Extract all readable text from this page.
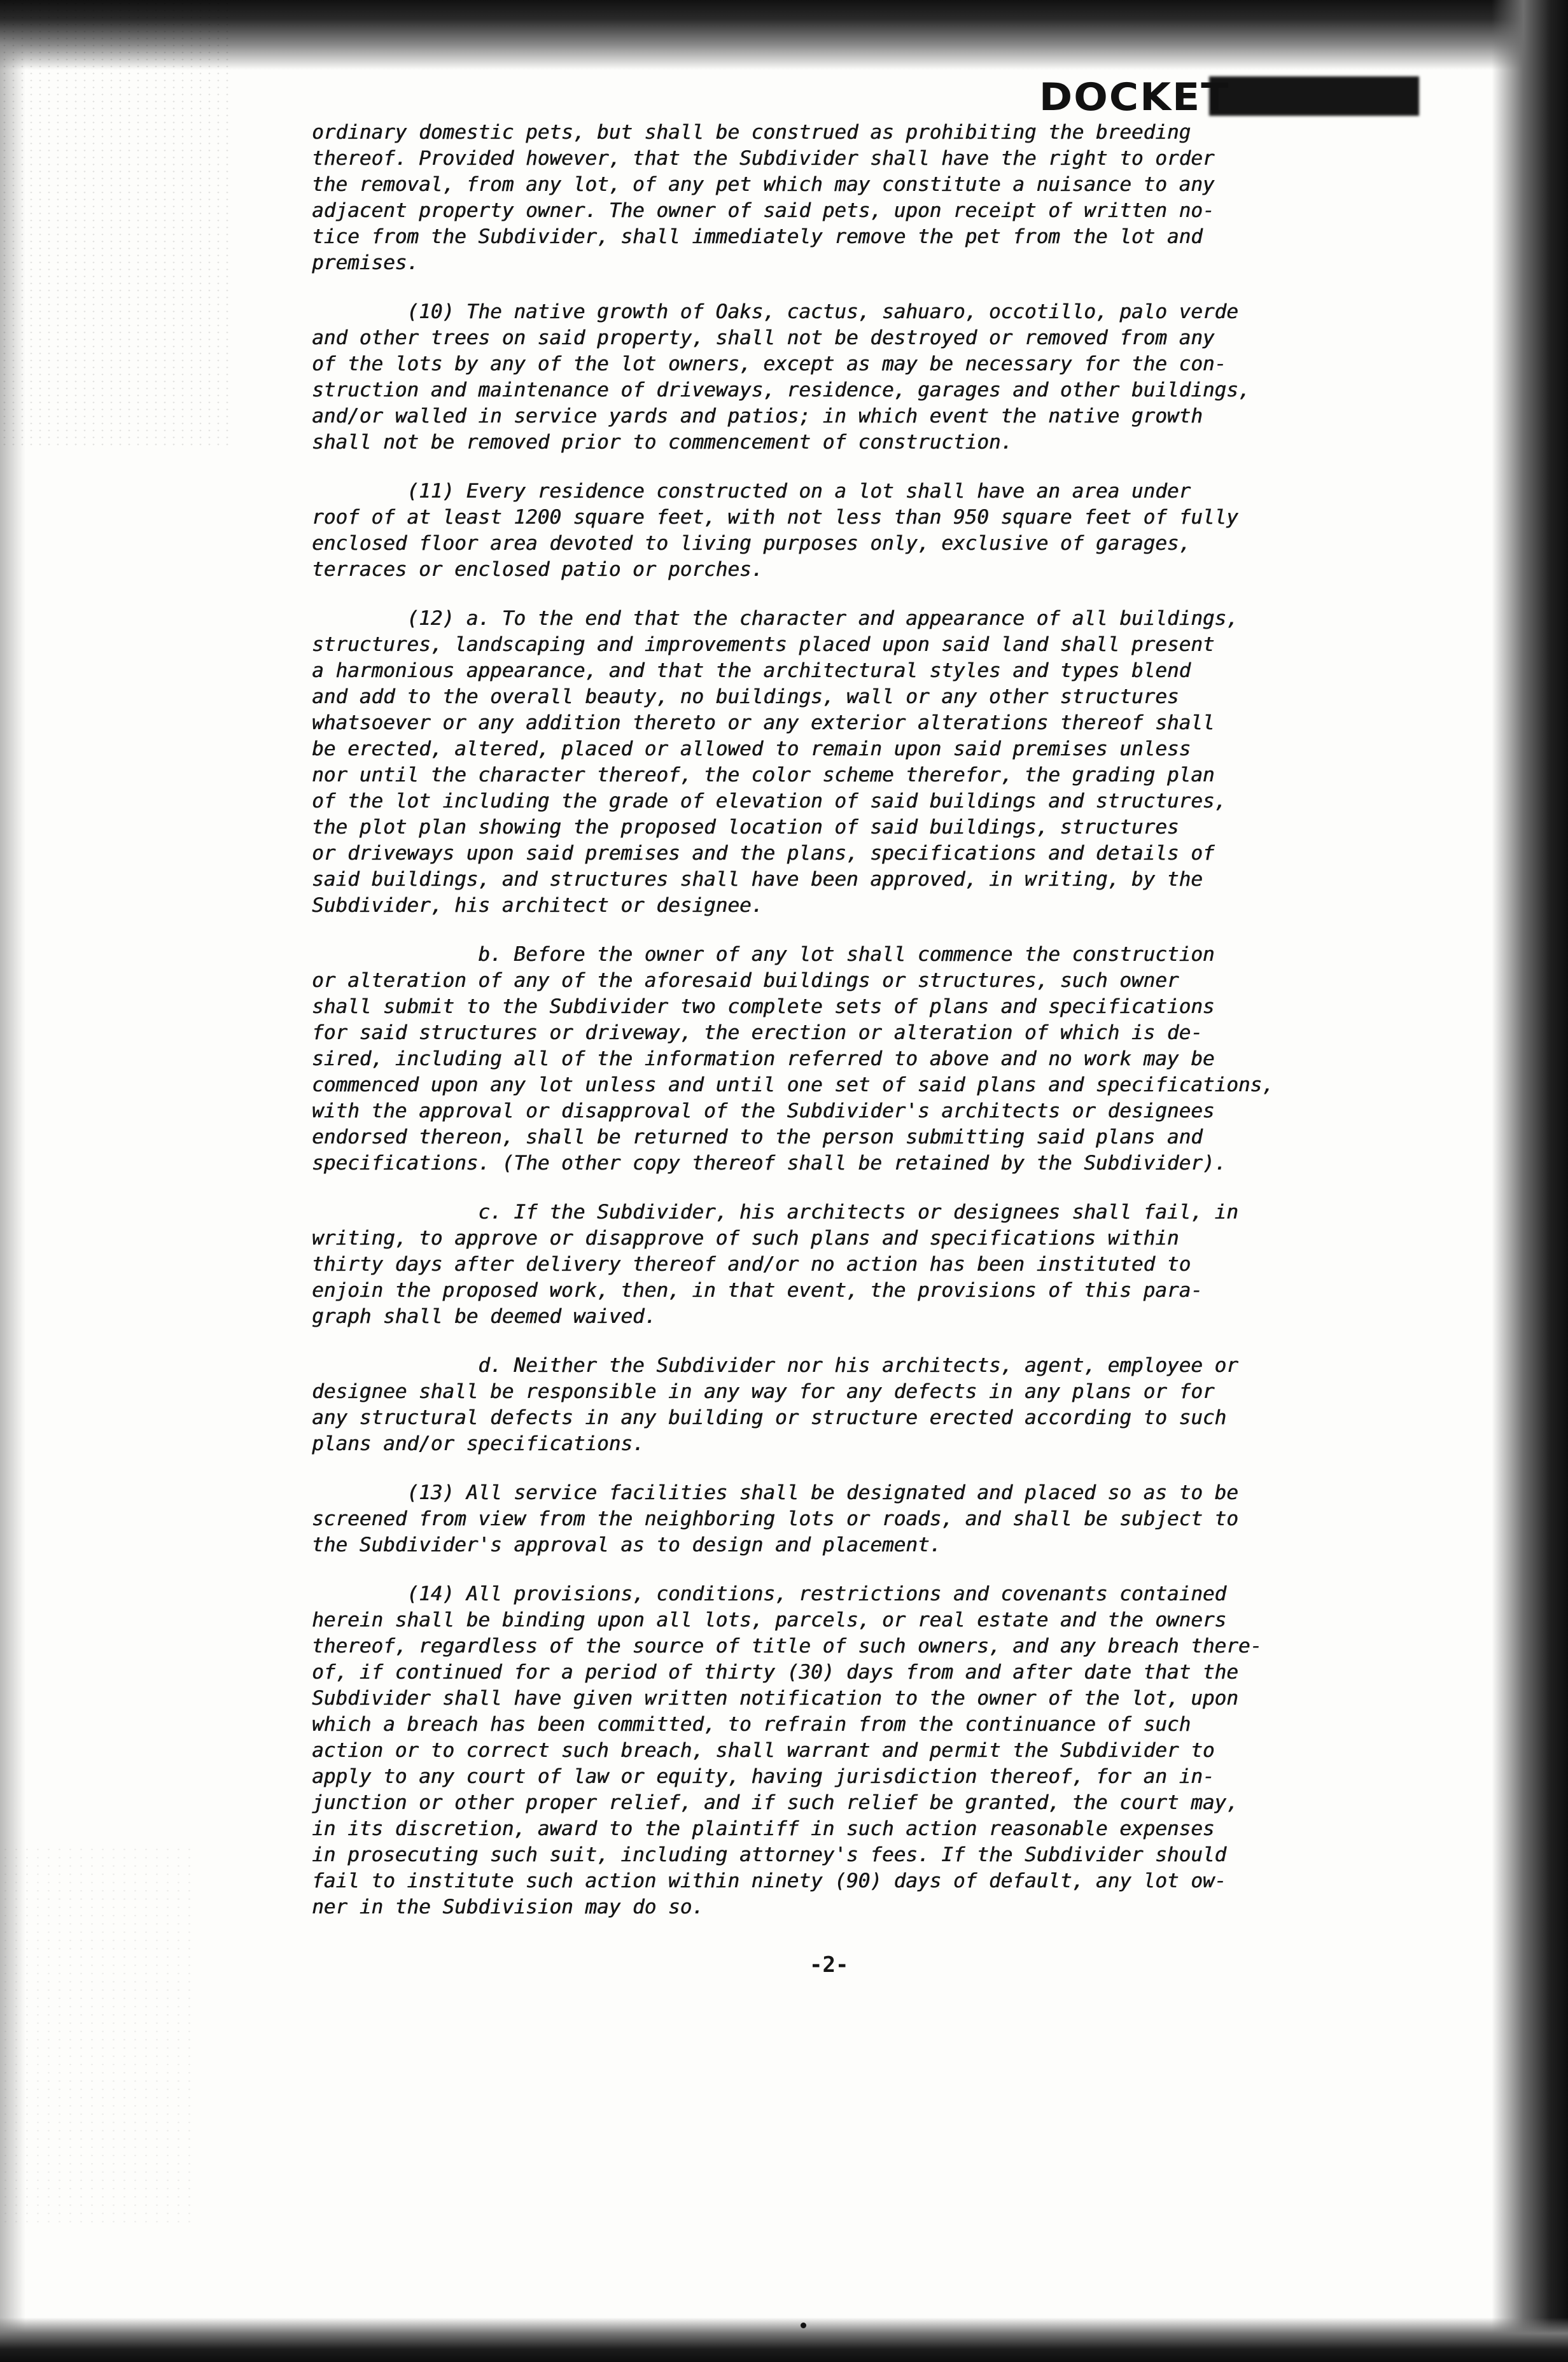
DOCKET
ordinary domestic pets, but shall be construed as prohibiting the breeding
thereof. Provided however, that the Subdivider shall have the right to order
the removal, from any lot, of any pet which may constitute a nuisance to any
adjacent property owner. The owner of said pets, upon receipt of written no-
tice from the Subdivider, shall immediately remove the pet from the lot and
premises.
(10) The native growth of Oaks, cactus, sahuaro, occotillo, palo verde
and other trees on said property, shall not be destroyed or removed from any
of the lots by any of the lot owners, except as may be necessary for the con-
struction and maintenance of driveways, residence, garages and other buildings,
and/or walled in service yards and patios; in which event the native growth
shall not be removed prior to commencement of construction.
(11) Every residence constructed on a lot shall have an area under
roof of at least 1200 square feet, with not less than 950 square feet of fully
enclosed floor area devoted to living purposes only, exclusive of garages,
terraces or enclosed patio or porches.
(12) a. To the end that the character and appearance of all buildings,
structures, landscaping and improvements placed upon said land shall present
a harmonious appearance, and that the architectural styles and types blend
and add to the overall beauty, no buildings, wall or any other structures
whatsoever or any addition thereto or any exterior alterations thereof shall
be erected, altered, placed or allowed to remain upon said premises unless
nor until the character thereof, the color scheme therefor, the grading plan
of the lot including the grade of elevation of said buildings and structures,
the plot plan showing the proposed location of said buildings, structures
or driveways upon said premises and the plans, specifications and details of
said buildings, and structures shall have been approved, in writing, by the
Subdivider, his architect or designee.
b. Before the owner of any lot shall commence the construction
or alteration of any of the aforesaid buildings or structures, such owner
shall submit to the Subdivider two complete sets of plans and specifications
for said structures or driveway, the erection or alteration of which is de-
sired, including all of the information referred to above and no work may be
commenced upon any lot unless and until one set of said plans and specifications,
with the approval or disapproval of the Subdivider's architects or designees
endorsed thereon, shall be returned to the person submitting said plans and
specifications. (The other copy thereof shall be retained by the Subdivider).
c. If the Subdivider, his architects or designees shall fail, in
writing, to approve or disapprove of such plans and specifications within
thirty days after delivery thereof and/or no action has been instituted to
enjoin the proposed work, then, in that event, the provisions of this para-
graph shall be deemed waived.
d. Neither the Subdivider nor his architects, agent, employee or
designee shall be responsible in any way for any defects in any plans or for
any structural defects in any building or structure erected according to such
plans and/or specifications.
(13) All service facilities shall be designated and placed so as to be
screened from view from the neighboring lots or roads, and shall be subject to
the Subdivider's approval as to design and placement.
(14) All provisions, conditions, restrictions and covenants contained
herein shall be binding upon all lots, parcels, or real estate and the owners
thereof, regardless of the source of title of such owners, and any breach there-
of, if continued for a period of thirty (30) days from and after date that the
Subdivider shall have given written notification to the owner of the lot, upon
which a breach has been committed, to refrain from the continuance of such
action or to correct such breach, shall warrant and permit the Subdivider to
apply to any court of law or equity, having jurisdiction thereof, for an in-
junction or other proper relief, and if such relief be granted, the court may,
in its discretion, award to the plaintiff in such action reasonable expenses
in prosecuting such suit, including attorney's fees. If the Subdivider should
fail to institute such action within ninety (90) days of default, any lot ow-
ner in the Subdivision may do so.
-2-
